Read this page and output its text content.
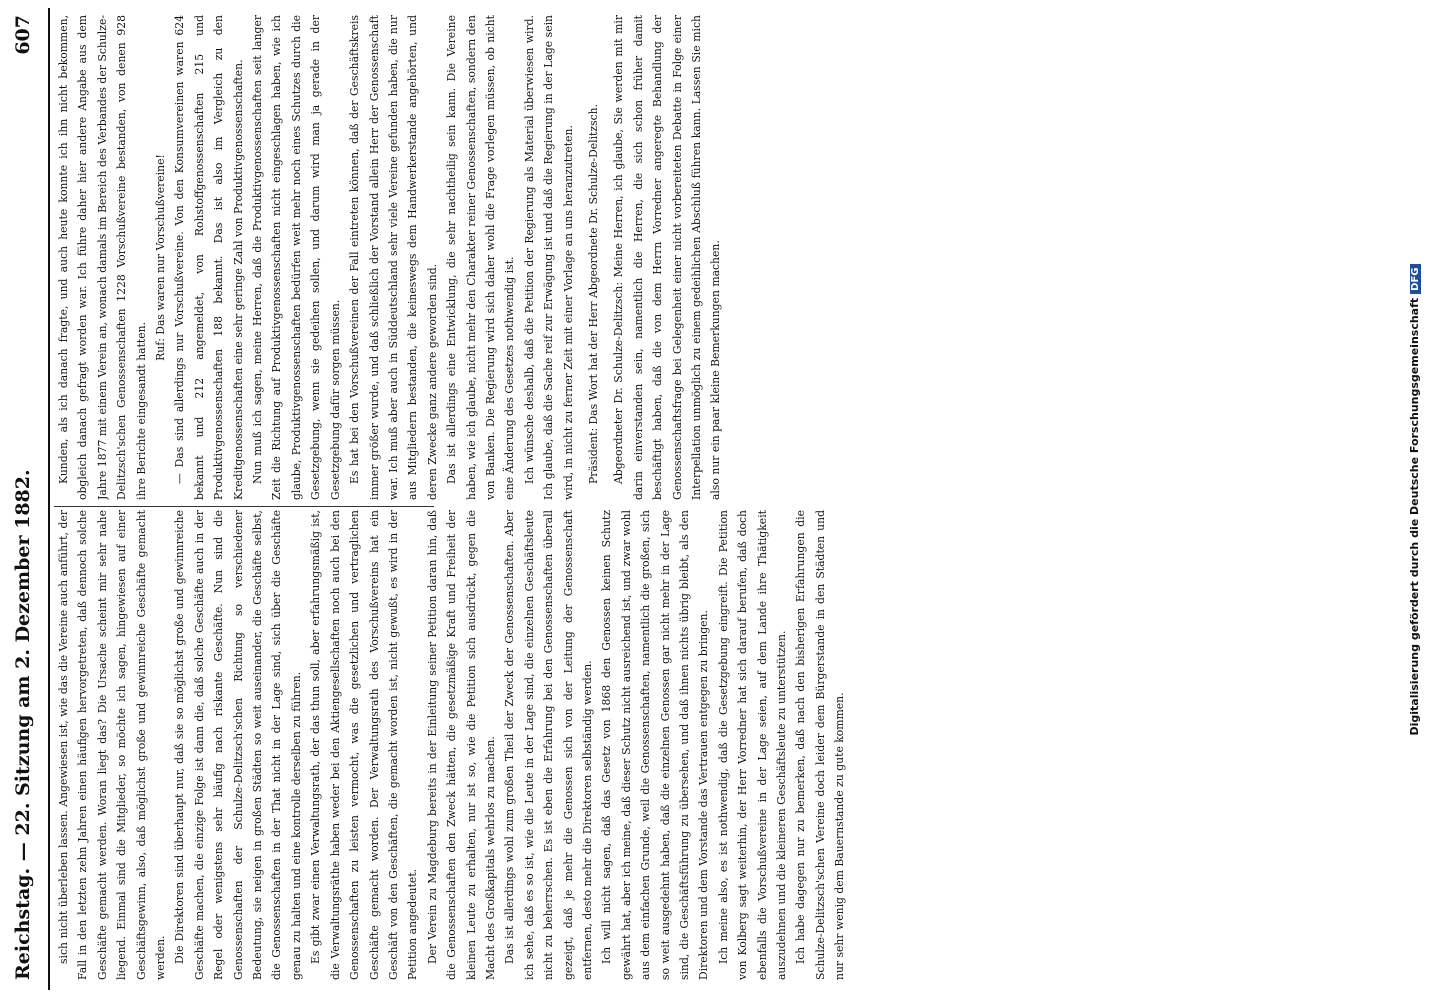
Reichstag. — 22. Sitzung am 2. Dezember 1882.
607

sich nicht überleben lassen. Angewiesen ist, wie das die Vereine auch anführt, der Fall in den letzten zehn Jahren einen häufigen hervorgetreten, daß dennoch solche Geschäfte gemacht werden. Woran liegt das? Die Ursache scheint mir sehr nahe liegend. Einmal sind die Mitglieder, so möchte ich sagen, hingewiesen auf einer Geschäftsgewinn, also, daß möglichst große und gewinnreiche Geschäfte gemacht werden. Die Direktoren sind überhaupt nur, daß sie so möglichst große und gewinnreiche Geschäfte machen, die einzige Folge ist dann die, daß solche Geschäfte auch in der Regel oder wenigstens sehr häufig nach riskante Geschäfte. Nun sind die Genossenschaften der Schulze-Delitzsch'schen Richtung so verschiedener Bedeutung, sie neigen in großen Städten so weit auseinander, die Geschäfte selbst, die Genossenschaften in der That nicht in der Lage sind, sich über die Geschäfte genau zu halten und eine kontrolle derselben zu führen. Es gibt zwar einen Verwaltungsrath, der das thun soll, aber erfahrungsmäßig ist, die Verwaltungsräthe haben weder bei den Aktiengesellschaften noch auch bei den Genossenschaften zu leisten vermocht, was die gesetzlichen und vertraglichen Geschäfte gemacht worden. Der Verwaltungsrath des Vorschußvereins hat ein Geschäft von den Geschäften, die gemacht worden ist, nicht gewußt, es wird in der Petition angedeutet. Der Verein zu Magdeburg bereits in der Einleitung seiner Petition daran hin, daß die Genossenschaften den Zweck hätten, die gesetzmäßige Kraft und Freiheit der kleinen Leute zu erhalten, nur ist so, wie die Petition sich ausdrückt, gegen die Macht des Großkapitals wehrlos zu machen. Das ist allerdings wohl zum großen Theil der Zweck der Genossenschaften. Aber ich sehe, daß es so ist, wie die Leute in der Lage sind, die einzelnen Geschäftsleute nicht zu beherrschen. Es ist eben die Erfahrung bei den Genossenschaften überall gezeigt, daß je mehr die Genossen sich von der Leitung der Genossenschaft entfernen, desto mehr die Direktoren selbständig werden. Ich will nicht sagen, daß das Gesetz von 1868 den Genossen keinen Schutz gewährt hat, aber ich meine, daß dieser Schutz nicht ausreichend ist, und zwar wohl aus dem einfachen Grunde, weil die Genossenschaften, namentlich die großen, sich so weit ausgedehnt haben, daß die einzelnen Genossen gar nicht mehr in der Lage sind, die Geschäftsführung zu übersehen, und daß ihnen nichts übrig bleibt, als den Direktoren und dem Vorstande das Vertrauen entgegen zu bringen. Ich meine also, es ist nothwendig, daß die Gesetzgebung eingreift. Die Petition von Kolberg sagt weiterhin, der Herr Vorredner hat sich darauf berufen, daß doch ebenfalls die Vorschußvereine in der Lage seien, auf dem Lande ihre Thätigkeit auszudehnen und die kleineren Geschäftsleute zu unterstützen. Ich habe dagegen nur zu bemerken, daß nach den bisherigen Erfahrungen die Schulze-Delitzsch'schen Vereine doch leider dem Bürgerstande in den Städten und nur sehr wenig dem Bauernstande zu gute kommen.

Kunden, als ich danach fragte, und auch heute konnte ich ihn nicht bekommen, obgleich danach gefragt worden war. Ich führe daher hier andere Angabe aus dem Jahre 1877 mit einem Verein an, wonach damals im Bereich des Verbandes der Schulze-Delitzsch'schen Genossenschaften 1228 Vorschußvereine bestanden, von denen 928 ihre Berichte eingesandt hatten.

Ruf: Das waren nur Vorschußvereine! — Das sind allerdings nur Vorschußvereine. Von den Konsumvereinen waren 624 bekannt und 212 angemeldet, von Rohstoffgenossenschaften 215 und Produktivgenossenschaften 188 bekannt. Das ist also im Vergleich zu den Kreditgenossenschaften eine sehr geringe Zahl von Produktivgenossenschaften. Nun muß ich sagen, meine Herren, daß die Produktivgenossenschaften seit langer Zeit die Richtung auf Produktivgenossenschaften nicht eingeschlagen haben, wie ich glaube, Produktivgenossenschaften bedürfen weit mehr noch eines Schutzes durch die Gesetzgebung, wenn sie gedeihen sollen, und darum wird man ja gerade in der Gesetzgebung dafür sorgen müssen. Es hat bei den Vorschußvereinen der Fall eintreten können, daß der Geschäftskreis immer größer wurde, und daß schließlich der Vorstand allein Herr der Genossenschaft war. Ich muß aber auch in Süddeutschland sehr viele Vereine gefunden haben, die nur aus Mitgliedern bestanden, die keineswegs dem Handwerkerstande angehörten, und deren Zwecke ganz andere geworden sind. Das ist allerdings eine Entwicklung, die sehr nachtheilig sein kann. Die Vereine haben, wie ich glaube, nicht mehr den Charakter reiner Genossenschaften, sondern den von Banken. Die Regierung wird sich daher wohl die Frage vorlegen müssen, ob nicht eine Änderung des Gesetzes nothwendig ist. Ich wünsche deshalb, daß die Petition der Regierung als Material überwiesen wird. Ich glaube, daß die Sache reif zur Erwägung ist und daß die Regierung in der Lage sein wird, in nicht zu ferner Zeit mit einer Vorlage an uns heranzutreten.	Präsident: Das Wort hat der Herr Abgeordnete Dr. Schulze-Delitzsch.	Abgeordneter Dr. Schulze-Delitzsch: Meine Herren, ich glaube, Sie werden mit mir darin einverstanden sein, namentlich die Herren, die sich schon früher damit beschäftigt haben, daß die von dem Herrn Vorredner angeregte Behandlung der Genossenschaftsfrage bei Gelegenheit einer nicht vorbereiteten Debatte in Folge einer Interpellation unmöglich zu einem gedeihlichen Abschluß führen kann. Lassen Sie mich also nur ein paar kleine Bemerkungen machen.	Digitalisierung gefördert durch die Deutsche ForschungsgemeinschaftDFG
